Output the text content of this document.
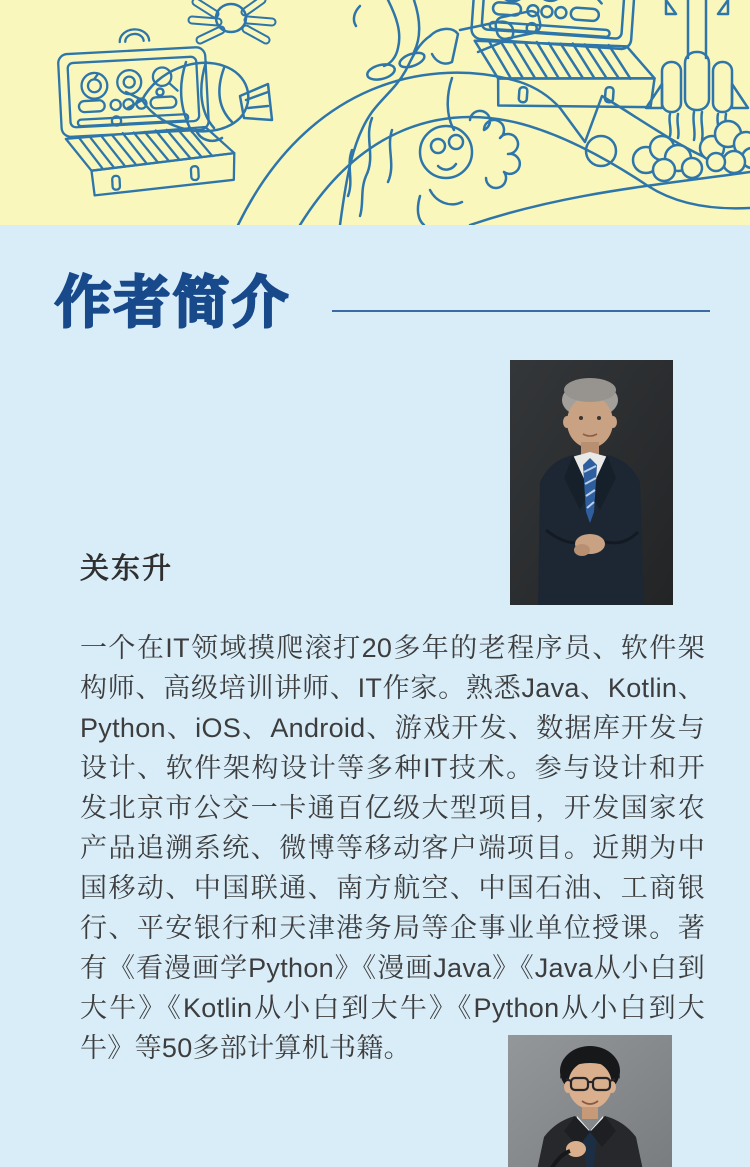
作者简介
关东升

一个在IT领域摸爬滚打20多年的老程序员、软件架构师、高级培训讲师、IT作家。熟悉Java、Kotlin、Python、iOS、Android、游戏开发、数据库开发与设计、软件架构设计等多种IT技术。参与设计和开发北京市公交一卡通百亿级大型项目，开发国家农产品追溯系统、微博等移动客户端项目。近期为中国移动、中国联通、南方航空、中国石油、工商银行、平安银行和天津港务局等企事业单位授课。著有《看漫画学Python》《漫画Java》《Java从小白到大牛》《Kotlin从小白到大牛》《Python从小白到大牛》等50多部计算机书籍。
